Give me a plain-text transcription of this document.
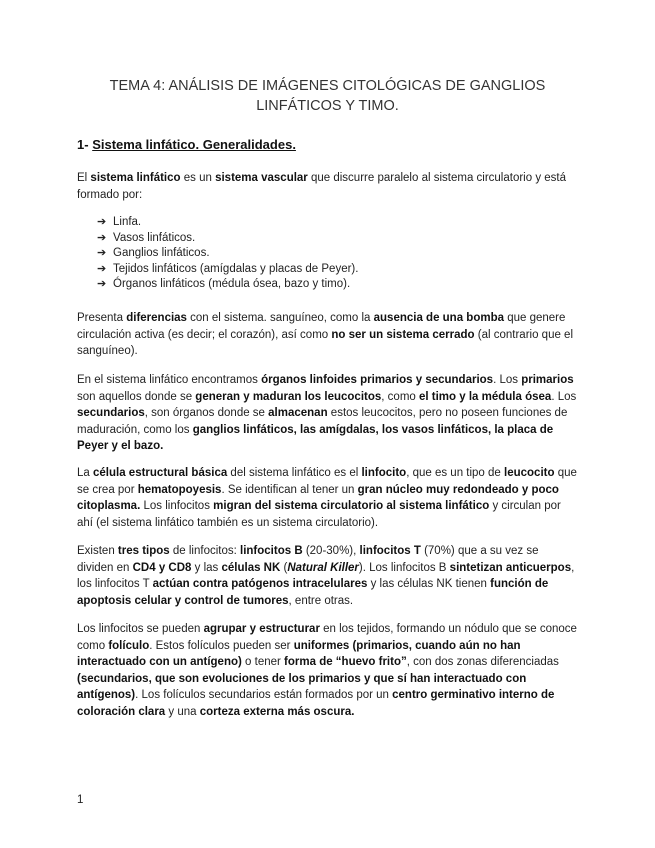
TEMA 4: ANÁLISIS DE IMÁGENES CITOLÓGICAS DE GANGLIOS
LINFÁTICOS Y TIMO.
1- Sistema linfático. Generalidades.

El sistema linfático es un sistema vascular que discurre paralelo al sistema circulatorio y está formado por:

➔ Linfa.
➔ Vasos linfáticos.
➔ Ganglios linfáticos.
➔ Tejidos linfáticos (amígdalas y placas de Peyer).
➔ Órganos linfáticos (médula ósea, bazo y timo).

Presenta diferencias con el sistema. sanguíneo, como la ausencia de una bomba que genere circulación activa (es decir; el corazón), así como no ser un sistema cerrado (al contrario que el sanguíneo).

En el sistema linfático encontramos órganos linfoides primarios y secundarios. Los primarios son aquellos donde se generan y maduran los leucocitos, como el timo y la médula ósea. Los secundarios, son órganos donde se almacenan estos leucocitos, pero no poseen funciones de maduración, como los ganglios linfáticos, las amígdalas, los vasos linfáticos, la placa de Peyer y el bazo.

La célula estructural básica del sistema linfático es el linfocito, que es un tipo de leucocito que se crea por hematopoyesis. Se identifican al tener un gran núcleo muy redondeado y poco citoplasma. Los linfocitos migran del sistema circulatorio al sistema linfático y circulan por ahí (el sistema linfático también es un sistema circulatorio).

Existen tres tipos de linfocitos: linfocitos B (20-30%), linfocitos T (70%) que a su vez se dividen en CD4 y CD8 y las células NK (Natural Killer). Los linfocitos B sintetizan anticuerpos, los linfocitos T actúan contra patógenos intracelulares y las células NK tienen función de apoptosis celular y control de tumores, entre otras.

Los linfocitos se pueden agrupar y estructurar en los tejidos, formando un nódulo que se conoce como folículo. Estos folículos pueden ser uniformes (primarios, cuando aún no han interactuado con un antígeno) o tener forma de “huevo frito”, con dos zonas diferenciadas (secundarios, que son evoluciones de los primarios y que sí han interactuado con antígenos). Los folículos secundarios están formados por un centro germinativo interno de coloración clara y una corteza externa más oscura.

1
